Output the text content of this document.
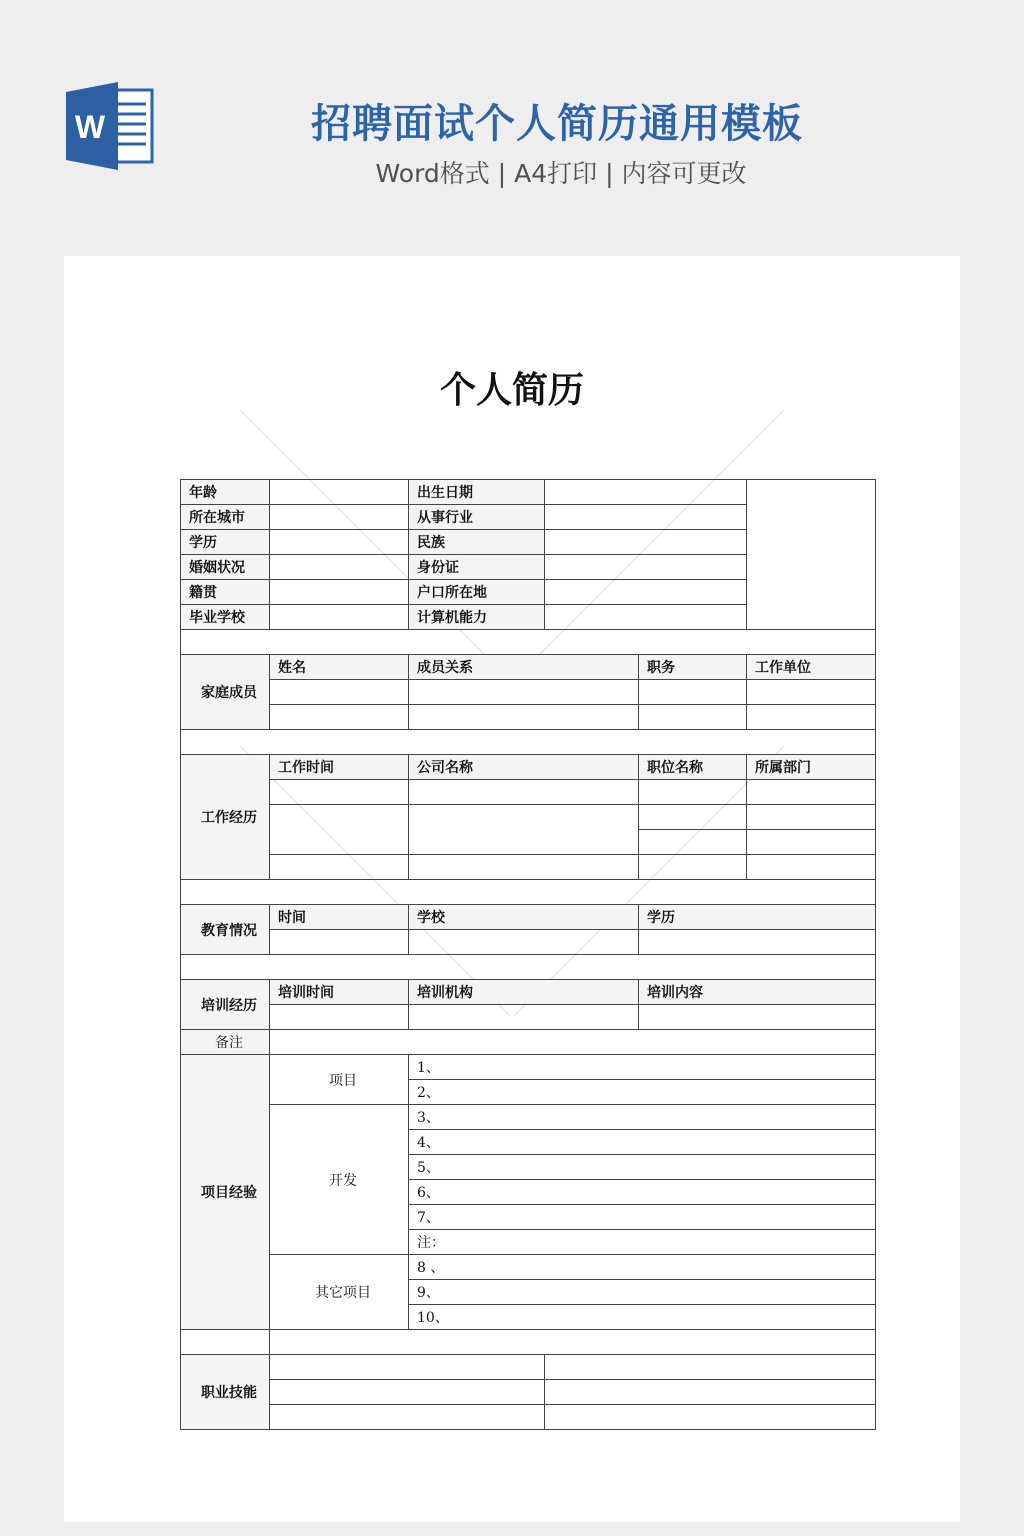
W	招聘面试个人简历通用模板
Word格式 | A4打印 | 内容可更改
个人简历
年龄		出生日期			
所在城市		从事行业			
学历		民族			
婚姻状况		身份证			
籍贯		户口所在地			
毕业学校		计算机能力			

家庭成员	姓名	成员关系		职务	工作单位

工作经历	工作时间	公司名称		职位名称	所属部门

教育情况	时间	学校		学历	

培训经历	培训时间	培训机构		培训内容	

备注					
项目经验	项目	1、			
		2、			
	开发	3、			
		4、			
		5、			
		6、			
		7、			
		注：			
	其它项目	8 、			
		9、			
		10、			

职业技能					
